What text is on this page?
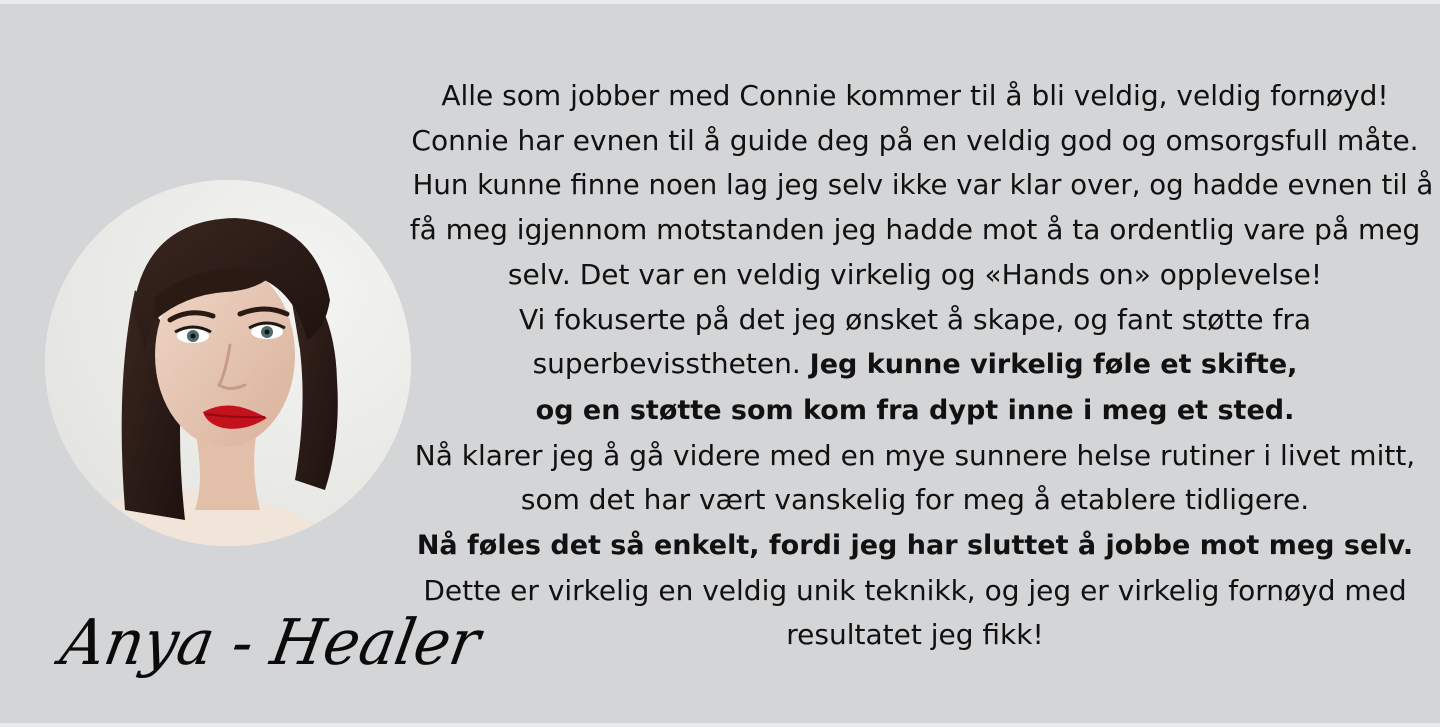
Anya - Healer
Alle som jobber med Connie kommer til å bli veldig, veldig fornøyd!
Connie har evnen til å guide deg på en veldig god og omsorgsfull måte.
Hun kunne finne noen lag jeg selv ikke var klar over, og hadde evnen til å
få meg igjennom motstanden jeg hadde mot å ta ordentlig vare på meg
selv. Det var en veldig virkelig og «Hands on» opplevelse!
Vi fokuserte på det jeg ønsket å skape, og fant støtte fra
superbevisstheten. Jeg kunne virkelig føle et skifte,
og en støtte som kom fra dypt inne i meg et sted.
Nå klarer jeg å gå videre med en mye sunnere helse rutiner i livet mitt,
som det har vært vanskelig for meg å etablere tidligere.
Nå føles det så enkelt, fordi jeg har sluttet å jobbe mot meg selv.
Dette er virkelig en veldig unik teknikk, og jeg er virkelig fornøyd med
resultatet jeg fikk!
